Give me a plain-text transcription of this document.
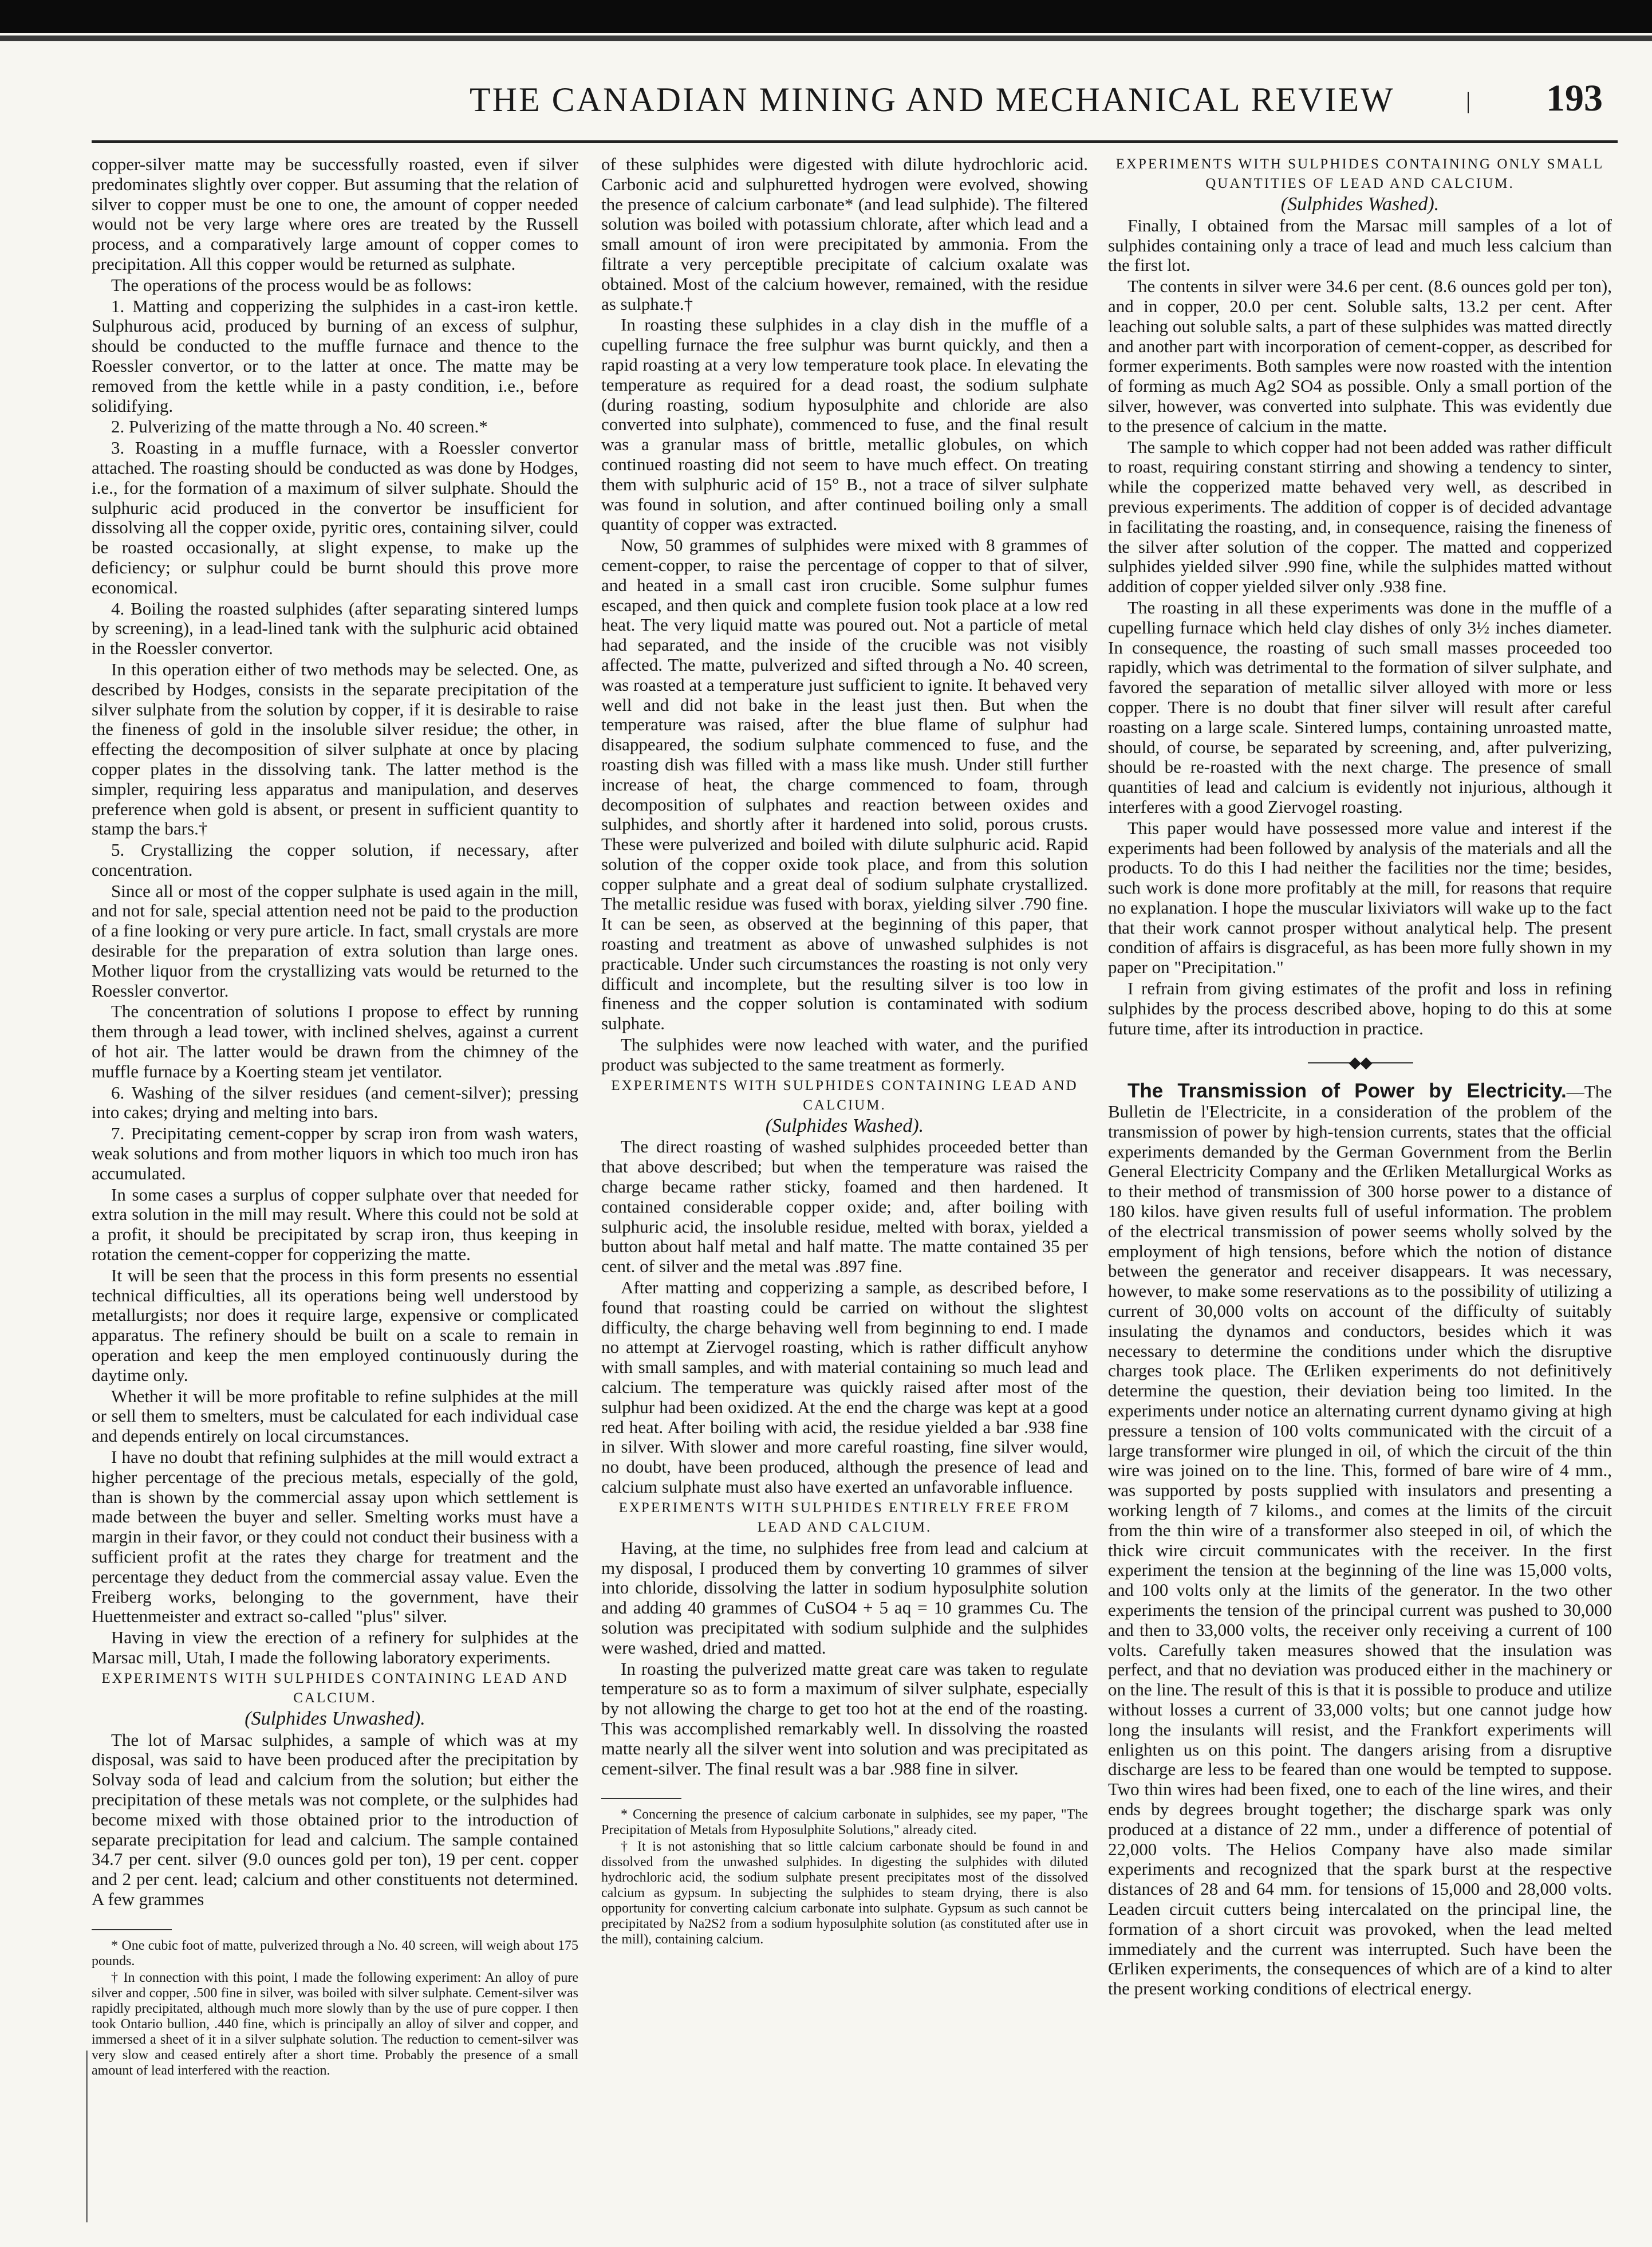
THE CANADIAN MINING AND MECHANICAL REVIEW	| 193

copper-silver matte may be successfully roasted, even if silver predominates slightly over copper. But assuming that the relation of silver to copper must be one to one, the amount of copper needed would not be very large where ores are treated by the Russell process, and a comparatively large amount of copper comes to precipitation. All this copper would be returned as sulphate.

The operations of the process would be as follows:

1. Matting and copperizing the sulphides in a cast-iron kettle. Sulphurous acid, produced by burning of an excess of sulphur, should be conducted to the muffle furnace and thence to the Roessler convertor, or to the latter at once. The matte may be removed from the kettle while in a pasty condition, i.e., before solidifying.

2. Pulverizing of the matte through a No. 40 screen.*

3. Roasting in a muffle furnace, with a Roessler convertor attached. The roasting should be conducted as was done by Hodges, i.e., for the formation of a maximum of silver sulphate. Should the sulphuric acid produced in the convertor be insufficient for dissolving all the copper oxide, pyritic ores, containing silver, could be roasted occasionally, at slight expense, to make up the deficiency; or sulphur could be burnt should this prove more economical.

4. Boiling the roasted sulphides (after separating sintered lumps by screening), in a lead-lined tank with the sulphuric acid obtained in the Roessler convertor.

In this operation either of two methods may be selected. One, as described by Hodges, consists in the separate precipitation of the silver sulphate from the solution by copper, if it is desirable to raise the fineness of gold in the insoluble silver residue; the other, in effecting the decomposition of silver sulphate at once by placing copper plates in the dissolving tank. The latter method is the simpler, requiring less apparatus and manipulation, and deserves preference when gold is absent, or present in sufficient quantity to stamp the bars.†

5. Crystallizing the copper solution, if necessary, after concentration.

Since all or most of the copper sulphate is used again in the mill, and not for sale, special attention need not be paid to the production of a fine looking or very pure article. In fact, small crystals are more desirable for the preparation of extra solution than large ones. Mother liquor from the crystallizing vats would be returned to the Roessler convertor.

The concentration of solutions I propose to effect by running them through a lead tower, with inclined shelves, against a current of hot air. The latter would be drawn from the chimney of the muffle furnace by a Koerting steam jet ventilator.

6. Washing of the silver residues (and cement-silver); pressing into cakes; drying and melting into bars.

7. Precipitating cement-copper by scrap iron from wash waters, weak solutions and from mother liquors in which too much iron has accumulated.

In some cases a surplus of copper sulphate over that needed for extra solution in the mill may result. Where this could not be sold at a profit, it should be precipitated by scrap iron, thus keeping in rotation the cement-copper for copperizing the matte.

It will be seen that the process in this form presents no essential technical difficulties, all its operations being well understood by metallurgists; nor does it require large, expensive or complicated apparatus. The refinery should be built on a scale to remain in operation and keep the men employed continuously during the daytime only.

Whether it will be more profitable to refine sulphides at the mill or sell them to smelters, must be calculated for each individual case and depends entirely on local circumstances.

I have no doubt that refining sulphides at the mill would extract a higher percentage of the precious metals, especially of the gold, than is shown by the commercial assay upon which settlement is made between the buyer and seller. Smelting works must have a margin in their favor, or they could not conduct their business with a sufficient profit at the rates they charge for treatment and the percentage they deduct from the commercial assay value. Even the Freiberg works, belonging to the government, have their Huettenmeister and extract so-called "plus" silver.

Having in view the erection of a refinery for sulphides at the Marsac mill, Utah, I made the following laboratory experiments.

EXPERIMENTS WITH SULPHIDES CONTAINING LEAD AND CALCIUM.

(Sulphides Unwashed).

The lot of Marsac sulphides, a sample of which was at my disposal, was said to have been produced after the precipitation by Solvay soda of lead and calcium from the solution; but either the precipitation of these metals was not complete, or the sulphides had become mixed with those obtained prior to the introduction of separate precipitation for lead and calcium. The sample contained 34.7 per cent. silver (9.0 ounces gold per ton), 19 per cent. copper and 2 per cent. lead; calcium and other constituents not determined. A few grammes

* One cubic foot of matte, pulverized through a No. 40 screen, will weigh about 175 pounds.

† In connection with this point, I made the following experiment: An alloy of pure silver and copper, .500 fine in silver, was boiled with silver sulphate. Cement-silver was rapidly precipitated, although much more slowly than by the use of pure copper. I then took Ontario bullion, .440 fine, which is principally an alloy of silver and copper, and immersed a sheet of it in a silver sulphate solution. The reduction to cement-silver was very slow and ceased entirely after a short time. Probably the presence of a small amount of lead interfered with the reaction.

of these sulphides were digested with dilute hydrochloric acid. Carbonic acid and sulphuretted hydrogen were evolved, showing the presence of calcium carbonate* (and lead sulphide). The filtered solution was boiled with potassium chlorate, after which lead and a small amount of iron were precipitated by ammonia. From the filtrate a very perceptible precipitate of calcium oxalate was obtained. Most of the calcium however, remained, with the residue as sulphate.†

In roasting these sulphides in a clay dish in the muffle of a cupelling furnace the free sulphur was burnt quickly, and then a rapid roasting at a very low temperature took place. In elevating the temperature as required for a dead roast, the sodium sulphate (during roasting, sodium hyposulphite and chloride are also converted into sulphate), commenced to fuse, and the final result was a granular mass of brittle, metallic globules, on which continued roasting did not seem to have much effect. On treating them with sulphuric acid of 15° B., not a trace of silver sulphate was found in solution, and after continued boiling only a small quantity of copper was extracted.

Now, 50 grammes of sulphides were mixed with 8 grammes of cement-copper, to raise the percentage of copper to that of silver, and heated in a small cast iron crucible. Some sulphur fumes escaped, and then quick and complete fusion took place at a low red heat. The very liquid matte was poured out. Not a particle of metal had separated, and the inside of the crucible was not visibly affected. The matte, pulverized and sifted through a No. 40 screen, was roasted at a temperature just sufficient to ignite. It behaved very well and did not bake in the least just then. But when the temperature was raised, after the blue flame of sulphur had disappeared, the sodium sulphate commenced to fuse, and the roasting dish was filled with a mass like mush. Under still further increase of heat, the charge commenced to foam, through decomposition of sulphates and reaction between oxides and sulphides, and shortly after it hardened into solid, porous crusts. These were pulverized and boiled with dilute sulphuric acid. Rapid solution of the copper oxide took place, and from this solution copper sulphate and a great deal of sodium sulphate crystallized. The metallic residue was fused with borax, yielding silver .790 fine. It can be seen, as observed at the beginning of this paper, that roasting and treatment as above of unwashed sulphides is not practicable. Under such circumstances the roasting is not only very difficult and incomplete, but the resulting silver is too low in fineness and the copper solution is contaminated with sodium sulphate.

The sulphides were now leached with water, and the purified product was subjected to the same treatment as formerly.

EXPERIMENTS WITH SULPHIDES CONTAINING LEAD AND CALCIUM.

(Sulphides Washed).

The direct roasting of washed sulphides proceeded better than that above described; but when the temperature was raised the charge became rather sticky, foamed and then hardened. It contained considerable copper oxide; and, after boiling with sulphuric acid, the insoluble residue, melted with borax, yielded a button about half metal and half matte. The matte contained 35 per cent. of silver and the metal was .897 fine.

After matting and copperizing a sample, as described before, I found that roasting could be carried on without the slightest difficulty, the charge behaving well from beginning to end. I made no attempt at Ziervogel roasting, which is rather difficult anyhow with small samples, and with material containing so much lead and calcium. The temperature was quickly raised after most of the sulphur had been oxidized. At the end the charge was kept at a good red heat. After boiling with acid, the residue yielded a bar .938 fine in silver. With slower and more careful roasting, fine silver would, no doubt, have been produced, although the presence of lead and calcium sulphate must also have exerted an unfavorable influence.

EXPERIMENTS WITH SULPHIDES ENTIRELY FREE FROM LEAD AND CALCIUM.

Having, at the time, no sulphides free from lead and calcium at my disposal, I produced them by converting 10 grammes of silver into chloride, dissolving the latter in sodium hyposulphite solution and adding 40 grammes of CuSO4 + 5 aq = 10 grammes Cu. The solution was precipitated with sodium sulphide and the sulphides were washed, dried and matted.

In roasting the pulverized matte great care was taken to regulate temperature so as to form a maximum of silver sulphate, especially by not allowing the charge to get too hot at the end of the roasting. This was accomplished remarkably well. In dissolving the roasted matte nearly all the silver went into solution and was precipitated as cement-silver. The final result was a bar .988 fine in silver.

* Concerning the presence of calcium carbonate in sulphides, see my paper, "The Precipitation of Metals from Hyposulphite Solutions," already cited.

† It is not astonishing that so little calcium carbonate should be found in and dissolved from the unwashed sulphides. In digesting the sulphides with diluted hydrochloric acid, the sodium sulphate present precipitates most of the dissolved calcium as gypsum. In subjecting the sulphides to steam drying, there is also opportunity for converting calcium carbonate into sulphate. Gypsum as such cannot be precipitated by Na2S2 from a sodium hyposulphite solution (as constituted after use in the mill), containing calcium.

EXPERIMENTS WITH SULPHIDES CONTAINING ONLY SMALL QUANTITIES OF LEAD AND CALCIUM.

(Sulphides Washed).

Finally, I obtained from the Marsac mill samples of a lot of sulphides containing only a trace of lead and much less calcium than the first lot.

The contents in silver were 34.6 per cent. (8.6 ounces gold per ton), and in copper, 20.0 per cent. Soluble salts, 13.2 per cent. After leaching out soluble salts, a part of these sulphides was matted directly and another part with incorporation of cement-copper, as described for former experiments. Both samples were now roasted with the intention of forming as much Ag2 SO4 as possible. Only a small portion of the silver, however, was converted into sulphate. This was evidently due to the presence of calcium in the matte.

The sample to which copper had not been added was rather difficult to roast, requiring constant stirring and showing a tendency to sinter, while the copperized matte behaved very well, as described in previous experiments. The addition of copper is of decided advantage in facilitating the roasting, and, in consequence, raising the fineness of the silver after solution of the copper. The matted and copperized sulphides yielded silver .990 fine, while the sulphides matted without addition of copper yielded silver only .938 fine.

The roasting in all these experiments was done in the muffle of a cupelling furnace which held clay dishes of only 3½ inches diameter. In consequence, the roasting of such small masses proceeded too rapidly, which was detrimental to the formation of silver sulphate, and favored the separation of metallic silver alloyed with more or less copper. There is no doubt that finer silver will result after careful roasting on a large scale. Sintered lumps, containing unroasted matte, should, of course, be separated by screening, and, after pulverizing, should be re-roasted with the next charge. The presence of small quantities of lead and calcium is evidently not injurious, although it interferes with a good Ziervogel roasting.

This paper would have possessed more value and interest if the experiments had been followed by analysis of the materials and all the products. To do this I had neither the facilities nor the time; besides, such work is done more profitably at the mill, for reasons that require no explanation. I hope the muscular lixiviators will wake up to the fact that their work cannot prosper without analytical help. The present condition of affairs is disgraceful, as has been more fully shown in my paper on "Precipitation."

I refrain from giving estimates of the profit and loss in refining sulphides by the process described above, hoping to do this at some future time, after its introduction in practice.

────◆◆────

The Transmission of Power by Electricity.—The Bulletin de l'Electricite, in a consideration of the problem of the transmission of power by high-tension currents, states that the official experiments demanded by the German Government from the Berlin General Electricity Company and the Œrliken Metallurgical Works as to their method of transmission of 300 horse power to a distance of 180 kilos. have given results full of useful information. The problem of the electrical transmission of power seems wholly solved by the employment of high tensions, before which the notion of distance between the generator and receiver disappears. It was necessary, however, to make some reservations as to the possibility of utilizing a current of 30,000 volts on account of the difficulty of suitably insulating the dynamos and conductors, besides which it was necessary to determine the conditions under which the disruptive charges took place. The Œrliken experiments do not definitively determine the question, their deviation being too limited. In the experiments under notice an alternating current dynamo giving at high pressure a tension of 100 volts communicated with the circuit of a large transformer wire plunged in oil, of which the circuit of the thin wire was joined on to the line. This, formed of bare wire of 4 mm., was supported by posts supplied with insulators and presenting a working length of 7 kiloms., and comes at the limits of the circuit from the thin wire of a transformer also steeped in oil, of which the thick wire circuit communicates with the receiver. In the first experiment the tension at the beginning of the line was 15,000 volts, and 100 volts only at the limits of the generator. In the two other experiments the tension of the principal current was pushed to 30,000 and then to 33,000 volts, the receiver only receiving a current of 100 volts. Carefully taken measures showed that the insulation was perfect, and that no deviation was produced either in the machinery or on the line. The result of this is that it is possible to produce and utilize without losses a current of 33,000 volts; but one cannot judge how long the insulants will resist, and the Frankfort experiments will enlighten us on this point. The dangers arising from a disruptive discharge are less to be feared than one would be tempted to suppose. Two thin wires had been fixed, one to each of the line wires, and their ends by degrees brought together; the discharge spark was only produced at a distance of 22 mm., under a difference of potential of 22,000 volts. The Helios Company have also made similar experiments and recognized that the spark burst at the respective distances of 28 and 64 mm. for tensions of 15,000 and 28,000 volts. Leaden circuit cutters being intercalated on the principal line, the formation of a short circuit was provoked, when the lead melted immediately and the current was interrupted. Such have been the Œrliken experiments, the consequences of which are of a kind to alter the present working conditions of electrical energy.
